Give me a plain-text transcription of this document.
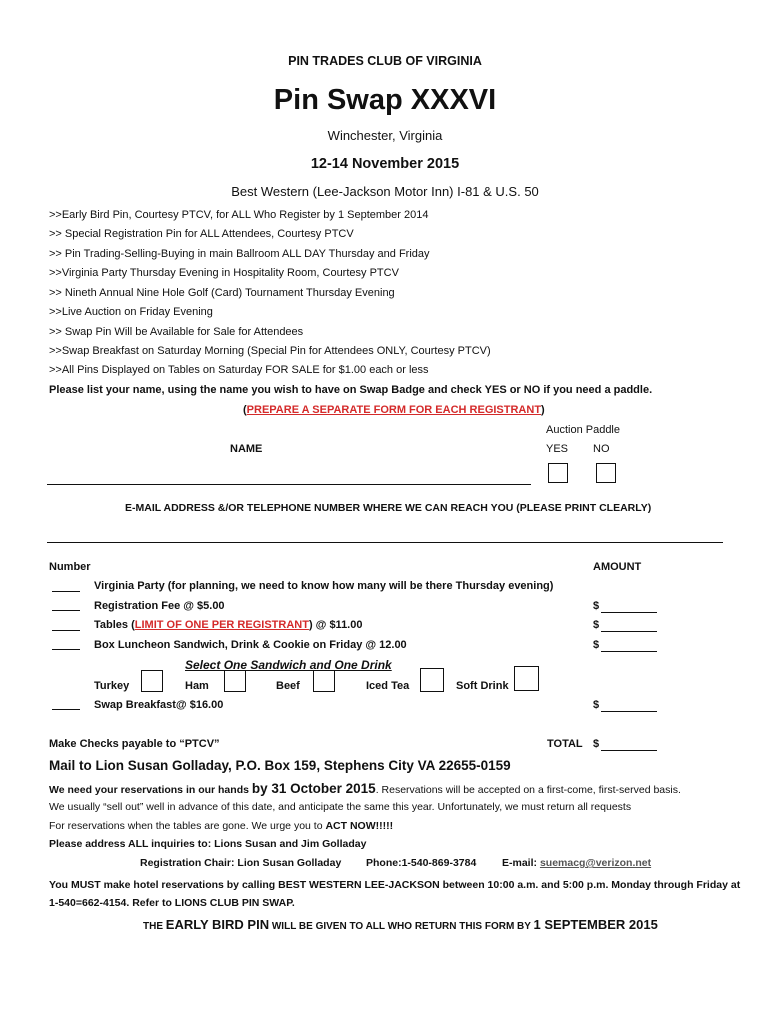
PIN TRADES CLUB OF VIRGINIA
Pin Swap XXXVI
Winchester, Virginia
12-14 November 2015
Best Western (Lee-Jackson Motor Inn) I-81 & U.S. 50
>>Early Bird Pin, Courtesy PTCV, for ALL Who Register by 1 September 2014
>> Special Registration Pin for ALL Attendees, Courtesy PTCV
>> Pin Trading-Selling-Buying in main Ballroom ALL DAY Thursday and Friday
>>Virginia Party Thursday Evening in Hospitality Room, Courtesy PTCV
>> Nineth Annual Nine Hole Golf (Card) Tournament Thursday Evening
>>Live Auction on Friday Evening
>> Swap Pin Will be Available for Sale for Attendees
>>Swap Breakfast on Saturday Morning (Special Pin for Attendees ONLY, Courtesy PTCV)
>>All Pins Displayed on Tables on Saturday FOR SALE for $1.00 each or less
Please list your name, using the name you wish to have on Swap Badge and check YES or NO if you need a paddle.
(PREPARE A SEPARATE FORM FOR EACH REGISTRANT)
Auction Paddle
NAME	YES NO
E-MAIL ADDRESS &/OR TELEPHONE NUMBER WHERE WE CAN REACH YOU (PLEASE PRINT CLEARLY)
Number	AMOUNT
Virginia Party (for planning, we need to know how many will be there Thursday evening)
Registration Fee @ $5.00	$
Tables (LIMIT OF ONE PER REGISTRANT) @ $11.00	$
Box Luncheon Sandwich, Drink & Cookie on Friday @ 12.00	$
Select One Sandwich and One Drink
Turkey	Ham	Beef	Iced Tea	Soft Drink
Swap Breakfast@ $16.00	$
Make Checks payable to “PTCV”	TOTAL $
Mail to Lion Susan Golladay, P.O. Box 159, Stephens City VA 22655-0159
We need your reservations in our hands by 31 October 2015. Reservations will be accepted on a first-come, first-served basis.
We usually “sell out” well in advance of this date, and anticipate the same this year. Unfortunately, we must return all requests
For reservations when the tables are gone. We urge you to ACT NOW!!!!!
Please address ALL inquiries to: Lions Susan and Jim Golladay
Registration Chair: Lion Susan Golladay Phone:1-540-869-3784 E-mail: suemacg@verizon.net
You MUST make hotel reservations by calling BEST WESTERN LEE-JACKSON between 10:00 a.m. and 5:00 p.m. Monday through Friday at
1-540=662-4154. Refer to LIONS CLUB PIN SWAP.
THE EARLY BIRD PIN WILL BE GIVEN TO ALL WHO RETURN THIS FORM BY 1 SEPTEMBER 2015
